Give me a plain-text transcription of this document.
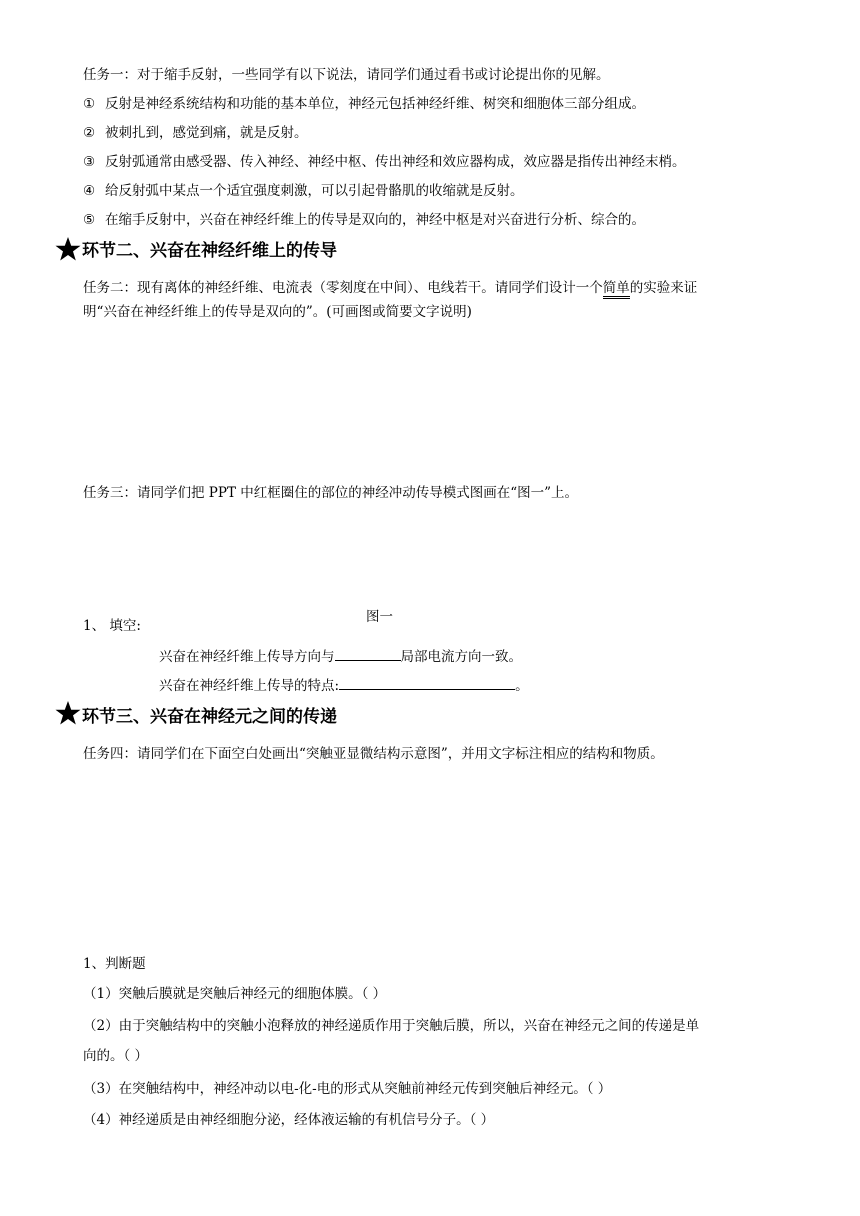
任务一：对于缩手反射，一些同学有以下说法，请同学们通过看书或讨论提出你的见解。
① 反射是神经系统结构和功能的基本单位，神经元包括神经纤维、树突和细胞体三部分组成。
② 被刺扎到，感觉到痛，就是反射。
③ 反射弧通常由感受器、传入神经、神经中枢、传出神经和效应器构成，效应器是指传出神经末梢。
④ 给反射弧中某点一个适宜强度刺激，可以引起骨骼肌的收缩就是反射。
⑤ 在缩手反射中，兴奋在神经纤维上的传导是双向的，神经中枢是对兴奋进行分析、综合的。
环节二、兴奋在神经纤维上的传导
任务二：现有离体的神经纤维、电流表（零刻度在中间）、电线若干。请同学们设计一个简单的实验来证
明“兴奋在神经纤维上的传导是双向的”。(可画图或简要文字说明)
任务三：请同学们把 PPT 中红框圈住的部位的神经冲动传导模式图画在“图一”上。
图一
1、 填空:
兴奋在神经纤维上传导方向与	局部电流方向一致。
兴奋在神经纤维上传导的特点:	。
环节三、兴奋在神经元之间的传递
任务四：请同学们在下面空白处画出“突触亚显微结构示意图”，并用文字标注相应的结构和物质。
1、判断题
（1）突触后膜就是突触后神经元的细胞体膜。（ ）
（2）由于突触结构中的突触小泡释放的神经递质作用于突触后膜，所以，兴奋在神经元之间的传递是单
向的。（ ）
（3）在突触结构中，神经冲动以电-化-电的形式从突触前神经元传到突触后神经元。（ ）
（4）神经递质是由神经细胞分泌，经体液运输的有机信号分子。（ ）
